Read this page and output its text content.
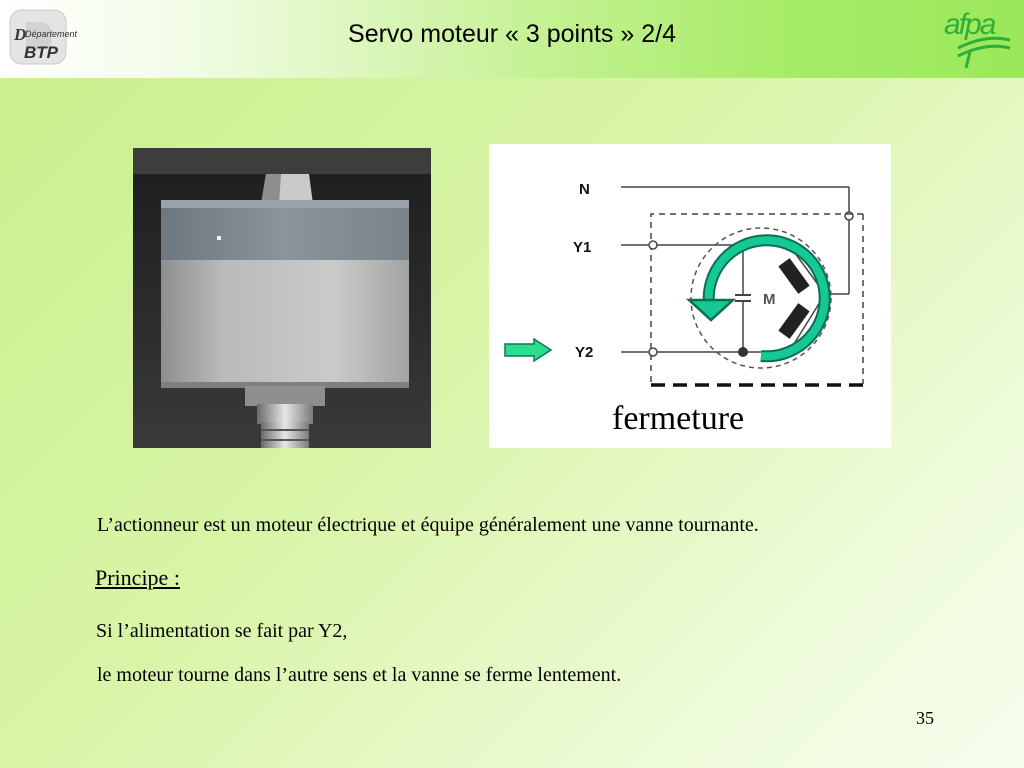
Servo moteur « 3 points » 2/4
D
Département
BTP
afpa
N
Y1
Y2
M
fermeture
L’actionneur est un moteur électrique et équipe généralement une vanne tournante.
Principe :
Si l’alimentation se fait par Y2,
le moteur tourne dans l’autre sens et la vanne se ferme lentement.
35
